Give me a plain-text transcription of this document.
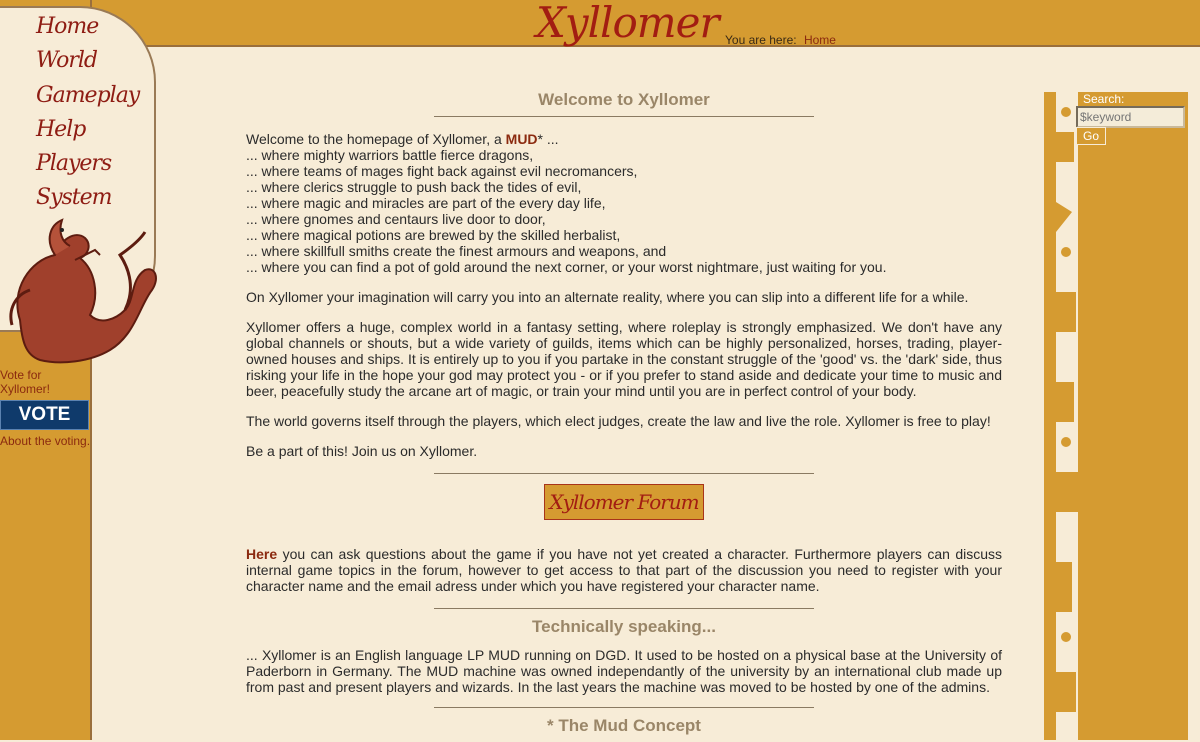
Xyllomer You are here: Home
Home
World
Gameplay
Help
Players
System
Vote for Xyllomer!
VOTE
About the voting.
Search:
$keyword
Go
Welcome to Xyllomer

Welcome to the homepage of Xyllomer, a MUD* ...
... where mighty warriors battle fierce dragons,
... where teams of mages fight back against evil necromancers,
... where clerics struggle to push back the tides of evil,
... where magic and miracles are part of the every day life,
... where gnomes and centaurs live door to door,
... where magical potions are brewed by the skilled herbalist,
... where skillfull smiths create the finest armours and weapons, and
... where you can find a pot of gold around the next corner, or your worst nightmare, just waiting for you.

On Xyllomer your imagination will carry you into an alternate reality, where you can slip into a different life for a while.

Xyllomer offers a huge, complex world in a fantasy setting, where roleplay is strongly emphasized. We don't have any global channels or shouts, but a wide variety of guilds, items which can be highly personalized, horses, trading, player-owned houses and ships. It is entirely up to you if you partake in the constant struggle of the 'good' vs. the 'dark' side, thus risking your life in the hope your god may protect you - or if you prefer to stand aside and dedicate your time to music and beer, peacefully study the arcane art of magic, or train your mind until you are in perfect control of your body.

The world governs itself through the players, which elect judges, create the law and live the role. Xyllomer is free to play!

Be a part of this! Join us on Xyllomer.

Xyllomer Forum

Here you can ask questions about the game if you have not yet created a character. Furthermore players can discuss internal game topics in the forum, however to get access to that part of the discussion you need to register with your character name and the email adress under which you have registered your character name.

Technically speaking...

... Xyllomer is an English language LP MUD running on DGD. It used to be hosted on a physical base at the University of Paderborn in Germany. The MUD machine was owned independantly of the university by an international club made up from past and present players and wizards. In the last years the machine was moved to be hosted by one of the admins.

* The Mud Concept
